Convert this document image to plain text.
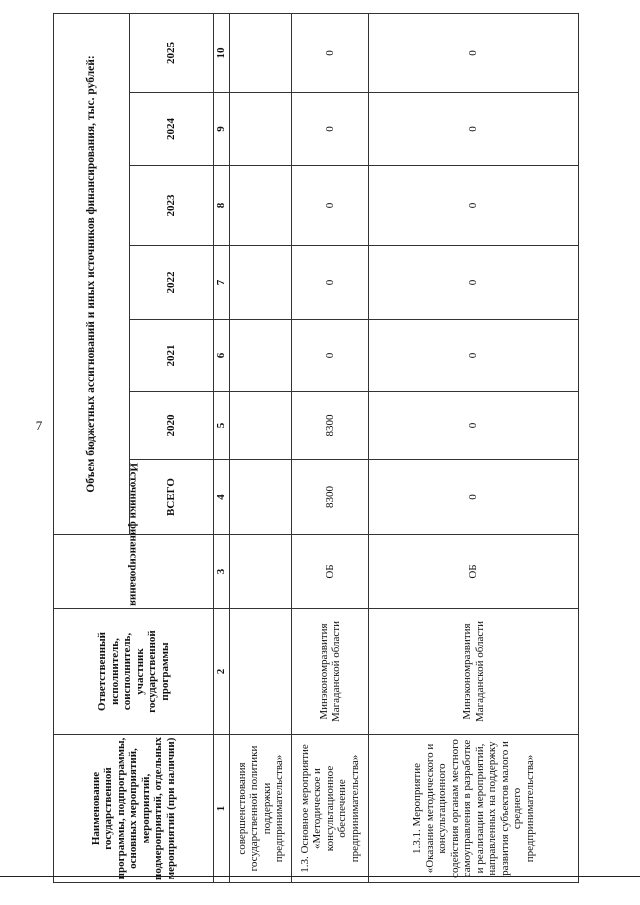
7
Наименование государственной программы, подпрограммы, основных мероприятий, мероприятий, подмероприятий, отдельных мероприятий (при наличии)	Ответственный исполнитель, соисполнитель, участник государственной программы	Источники финансирования	Объем бюджетных ассигнований и иных источников финансирования, тыс. рублей:						
			ВСЕГО	2020	2021	2022	2023	2024	2025
1	2	3	4	5	6	7	8	9	10
совершенствования государственной политики поддержки предпринимательства»									
1.3. Основное мероприятие «Методическое и консультационное обеспечение предпринимательства»	Минэкономразвития Магаданской области	ОБ	8300	8300	0	0	0	0	0
1.3.1. Мероприятие «Оказание методического и консультационного содействия органам местного самоуправления в разработке и реализации мероприятий, направленных на поддержку развития субъектов малого и среднего предпринимательства»	Минэкономразвития Магаданской области	ОБ	0	0	0	0	0	0	0
